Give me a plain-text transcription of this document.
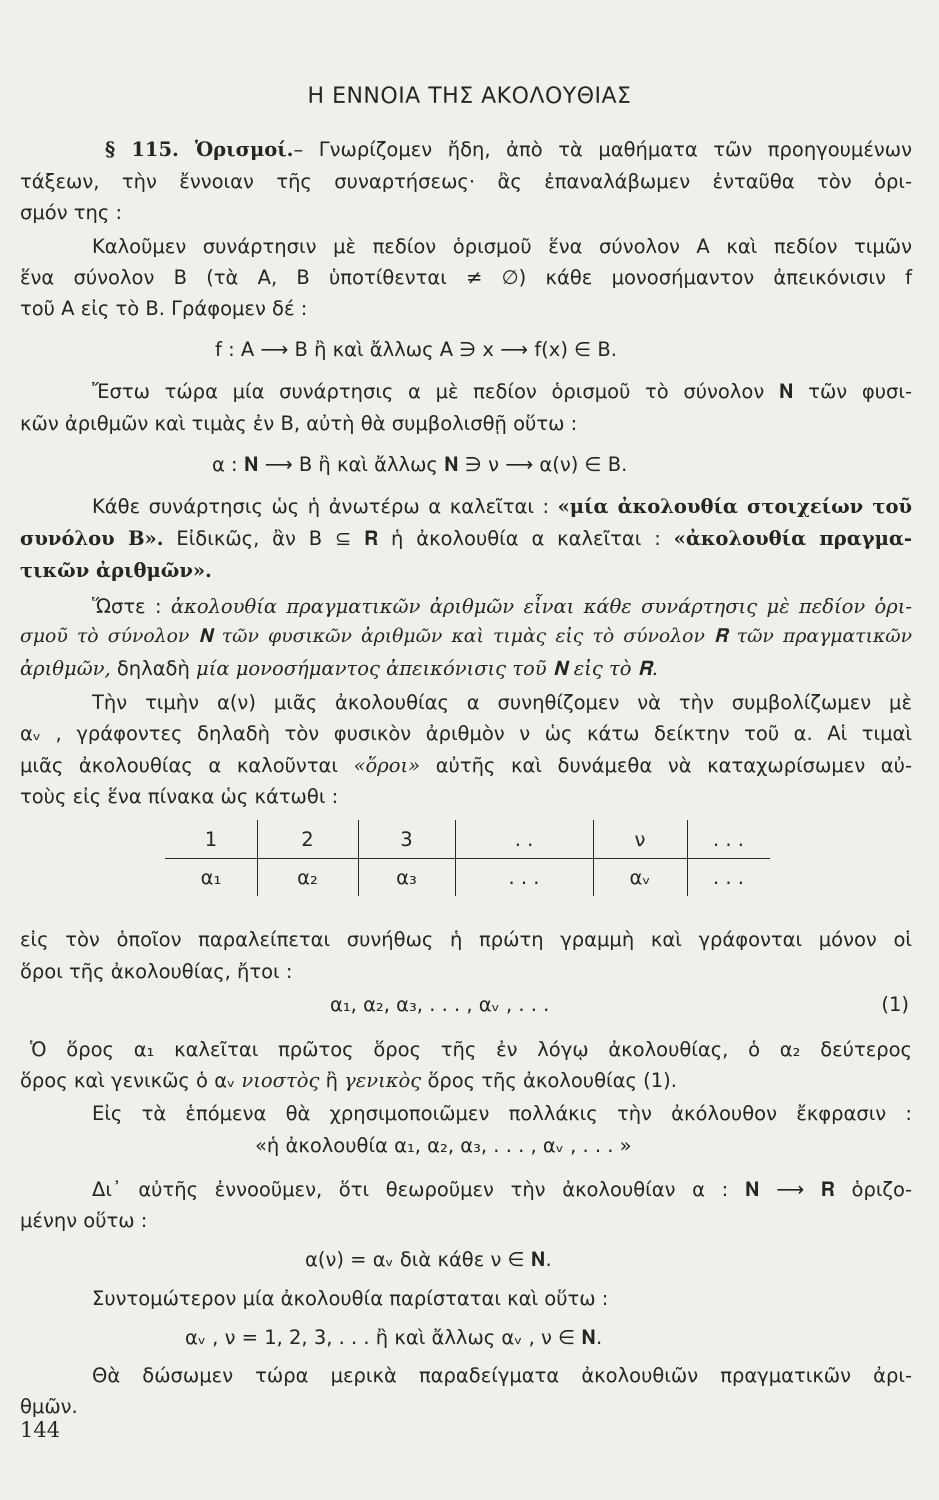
Η ΕΝΝΟΙΑ ΤΗΣ ΑΚΟΛΟΥΘΙΑΣ
§ 115. Ὁρισμοί.– Γνωρίζομεν ἤδη, ἀπὸ τὰ μαθήματα τῶν προηγουμένων
τάξεων, τὴν ἔννοιαν τῆς συναρτήσεως· ἂς ἐπαναλάβωμεν ἐνταῦθα τὸν ὁρι-
σμόν της :
Καλοῦμεν συνάρτησιν μὲ πεδίον ὁρισμοῦ ἕνα σύνολον A καὶ πεδίον τιμῶν
ἕνα σύνολον B (τὰ A, B ὑποτίθενται ≠ ∅) κάθε μονοσήμαντον ἀπεικόνισιν f
τοῦ A εἰς τὸ B. Γράφομεν δέ :
f : A ⟶ B ἢ καὶ ἄλλως A ∋ x ⟶ f(x) ∈ B.
Ἔστω τώρα μία συνάρτησις α μὲ πεδίον ὁρισμοῦ τὸ σύνολον 𝐍 τῶν φυσι-
κῶν ἀριθμῶν καὶ τιμὰς ἐν B, αὐτὴ θὰ συμβολισθῇ οὕτω :
α : 𝐍 ⟶ B ἢ καὶ ἄλλως 𝐍 ∋ ν ⟶ α(ν) ∈ B.
Κάθε συνάρτησις ὡς ἡ ἀνωτέρω α καλεῖται : «μία ἀκολουθία στοιχείων τοῦ
συνόλου B». Εἰδικῶς, ἂν B ⊆ 𝐑 ἡ ἀκολουθία α καλεῖται : «ἀκολουθία πραγμα-
τικῶν ἀριθμῶν».
Ὥστε : ἀκολουθία πραγματικῶν ἀριθμῶν εἶναι κάθε συνάρτησις μὲ πεδίον ὁρι-
σμοῦ τὸ σύνολον 𝐍 τῶν φυσικῶν ἀριθμῶν καὶ τιμὰς εἰς τὸ σύνολον 𝐑 τῶν πραγματικῶν
ἀριθμῶν, δηλαδὴ μία μονοσήμαντος ἀπεικόνισις τοῦ 𝐍 εἰς τὸ 𝐑.
Τὴν τιμὴν α(ν) μιᾶς ἀκολουθίας α συνηθίζομεν νὰ τὴν συμβολίζωμεν μὲ
αᵥ , γράφοντες δηλαδὴ τὸν φυσικὸν ἀριθμὸν ν ὡς κάτω δείκτην τοῦ α. Αἱ τιμαὶ
μιᾶς ἀκολουθίας α καλοῦνται «ὅροι» αὐτῆς καὶ δυνάμεθα νὰ καταχωρίσωμεν αὐ-
τοὺς εἰς ἕνα πίνακα ὡς κάτωθι :
1	2	3	. .	ν	. . .
α₁	α₂	α₃	. . .	αᵥ	. . .
εἰς τὸν ὁποῖον παραλείπεται συνήθως ἡ πρώτη γραμμὴ καὶ γράφονται μόνον οἱ
ὅροι τῆς ἀκολουθίας, ἤτοι :
α₁, α₂, α₃, . . . , αᵥ , . . .	(1)
Ὁ ὅρος α₁ καλεῖται πρῶτος ὅρος τῆς ἐν λόγῳ ἀκολουθίας, ὁ α₂ δεύτερος
ὅρος καὶ γενικῶς ὁ αᵥ νιοστὸς ἢ γενικὸς ὅρος τῆς ἀκολουθίας (1).
Εἰς τὰ ἑπόμενα θὰ χρησιμοποιῶμεν πολλάκις τὴν ἀκόλουθον ἔκφρασιν :
«ἡ ἀκολουθία α₁, α₂, α₃, . . . , αᵥ , . . . »
Δι᾽ αὐτῆς ἐννοοῦμεν, ὅτι θεωροῦμεν τὴν ἀκολουθίαν α : 𝐍 ⟶ 𝐑 ὁριζο-
μένην οὕτω :
α(ν) = αᵥ διὰ κάθε ν ∈ 𝐍.
Συντομώτερον μία ἀκολουθία παρίσταται καὶ οὕτω :
αᵥ , ν = 1, 2, 3, . . . ἢ καὶ ἄλλως αᵥ , ν ∈ 𝐍.
Θὰ δώσωμεν τώρα μερικὰ παραδείγματα ἀκολουθιῶν πραγματικῶν ἀρι-
θμῶν.
144
